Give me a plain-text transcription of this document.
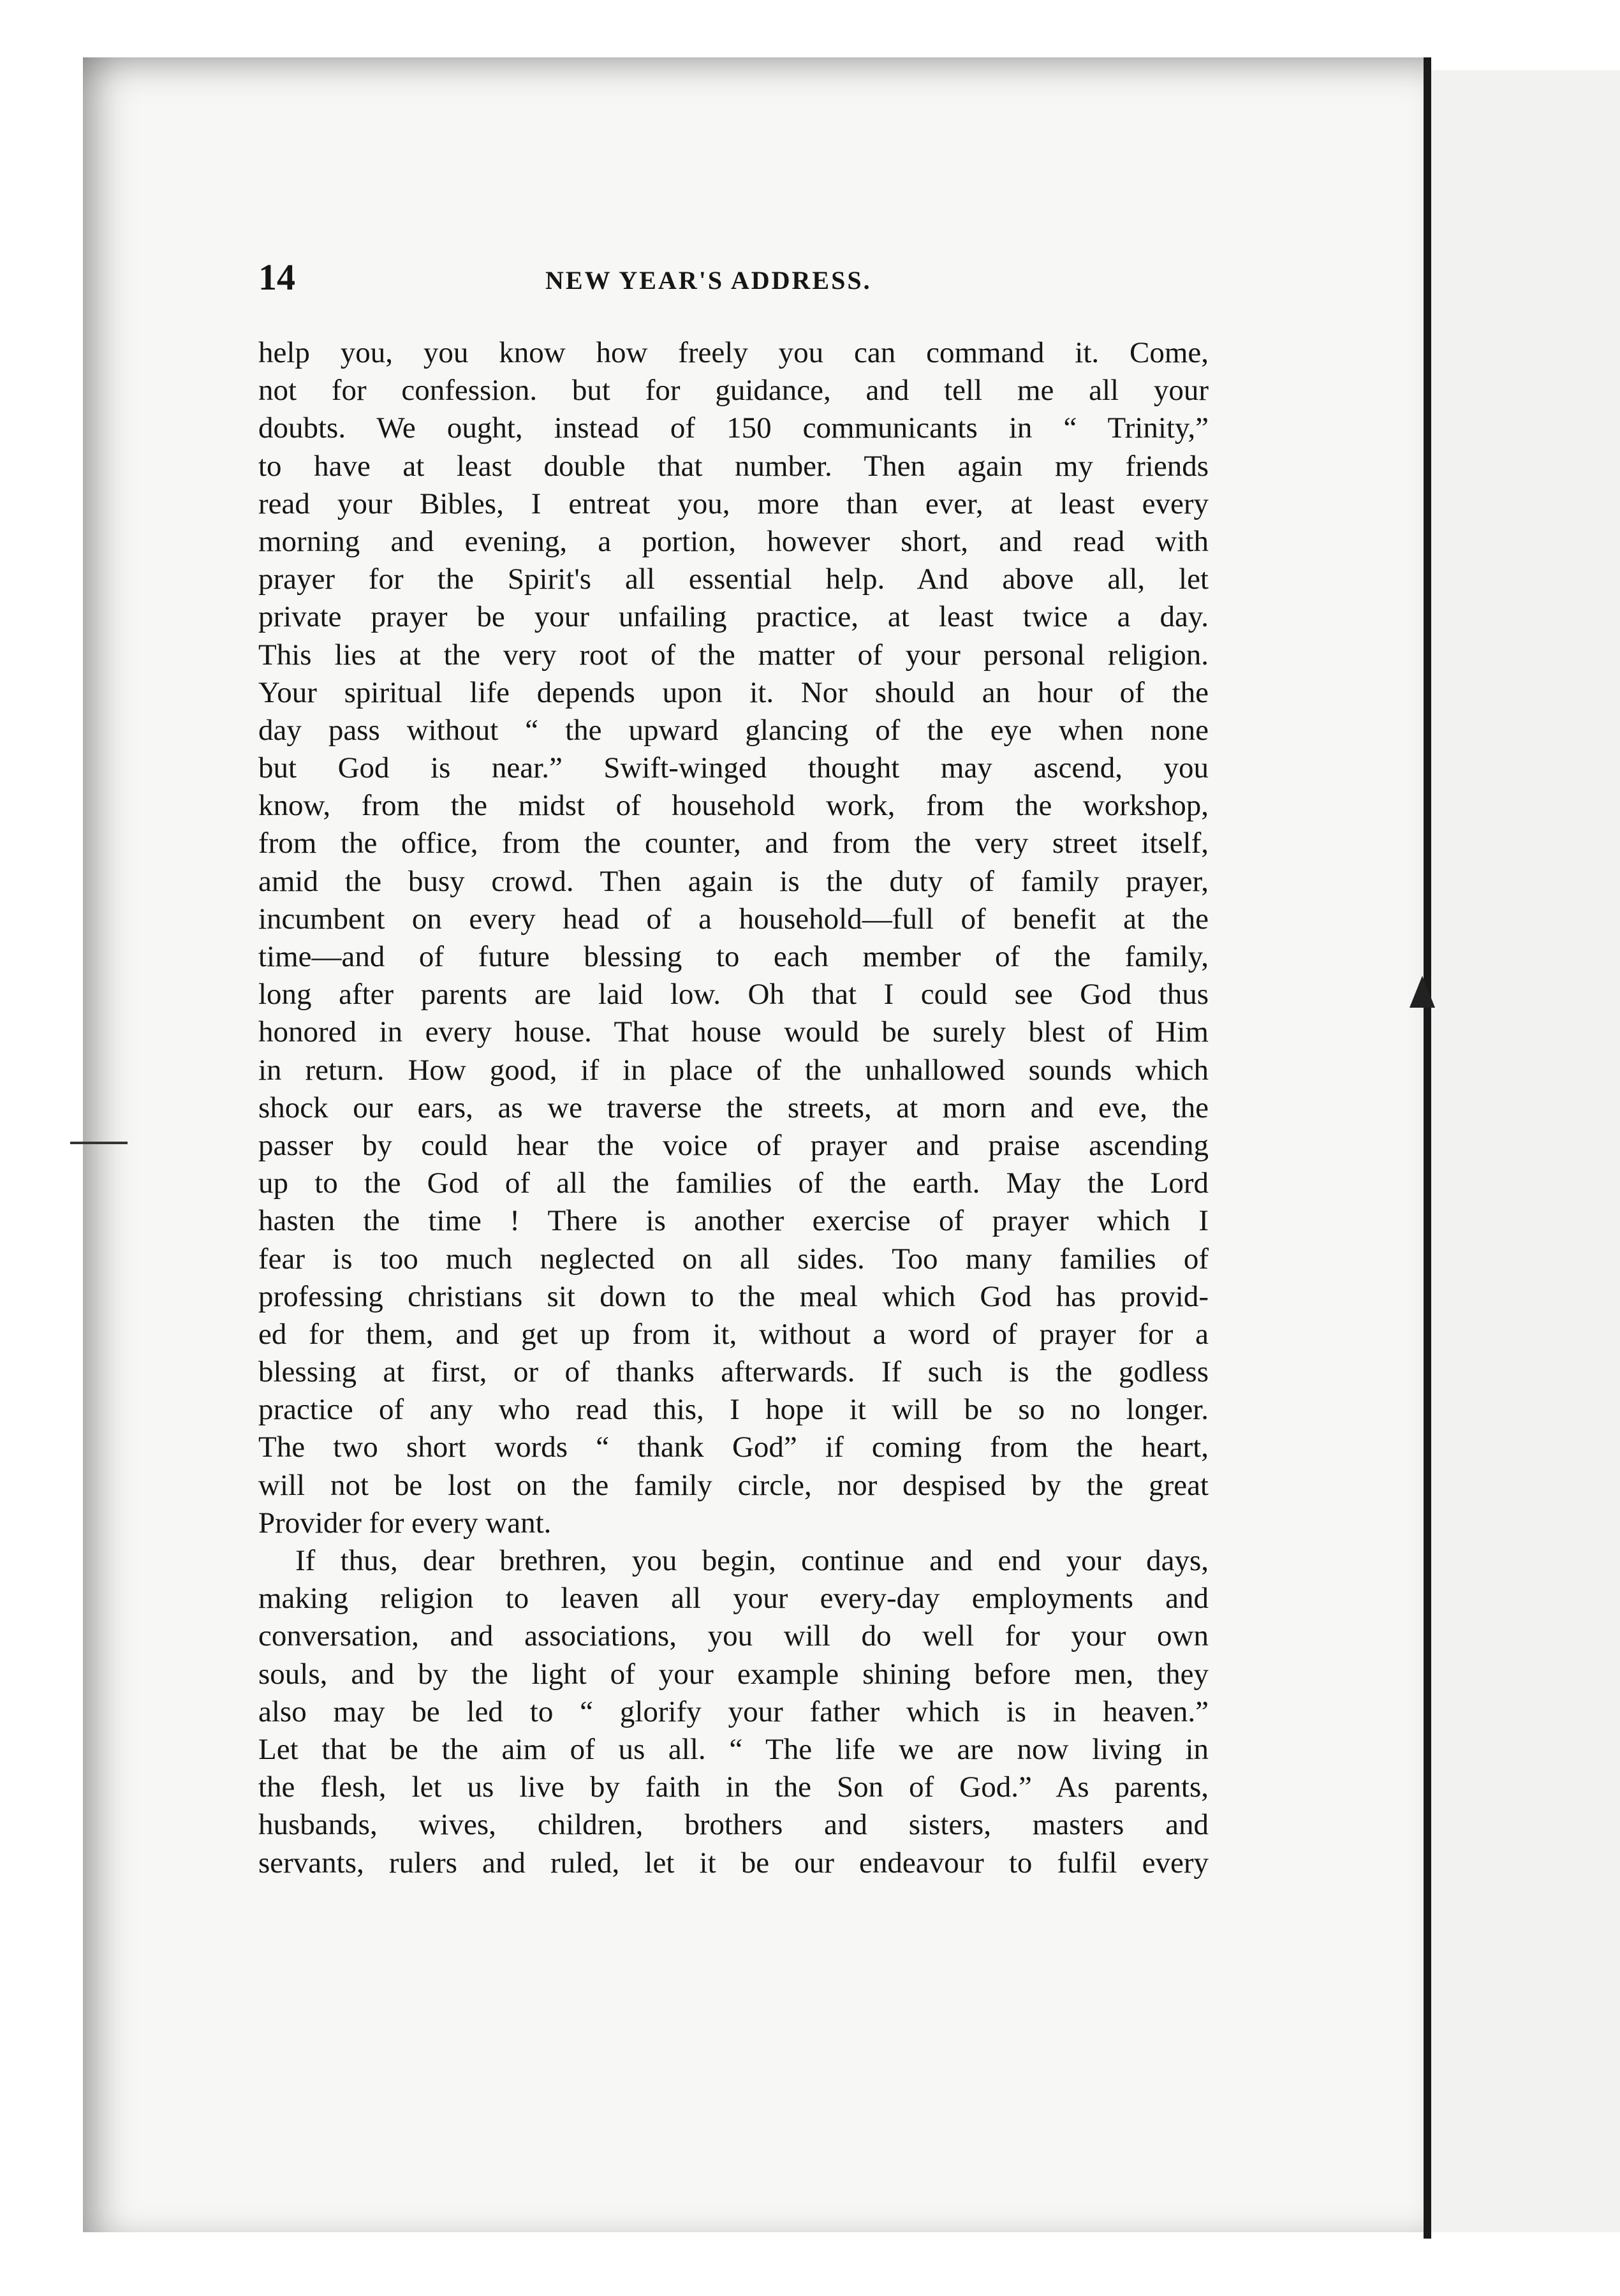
14	NEW YEAR'S ADDRESS.
help you, you know how freely you can command it. Come,
not for confession. but for guidance, and tell me all your
doubts. We ought, instead of 150 communicants in “ Trinity,”
to have at least double that number. Then again my friends
read your Bibles, I entreat you, more than ever, at least every
morning and evening, a portion, however short, and read with
prayer for the Spirit's all essential help. And above all, let
private prayer be your unfailing practice, at least twice a day.
This lies at the very root of the matter of your personal religion.
Your spiritual life depends upon it. Nor should an hour of the
day pass without “ the upward glancing of the eye when none
but God is near.” Swift-winged thought may ascend, you
know, from the midst of household work, from the workshop,
from the office, from the counter, and from the very street itself,
amid the busy crowd. Then again is the duty of family prayer,
incumbent on every head of a household—full of benefit at the
time—and of future blessing to each member of the family,
long after parents are laid low. Oh that I could see God thus
honored in every house. That house would be surely blest of Him
in return. How good, if in place of the unhallowed sounds which
shock our ears, as we traverse the streets, at morn and eve, the
passer by could hear the voice of prayer and praise ascending
up to the God of all the families of the earth. May the Lord
hasten the time ! There is another exercise of prayer which I
fear is too much neglected on all sides. Too many families of
professing christians sit down to the meal which God has provid-
ed for them, and get up from it, without a word of prayer for a
blessing at first, or of thanks afterwards. If such is the godless
practice of any who read this, I hope it will be so no longer.
The two short words “ thank God” if coming from the heart,
will not be lost on the family circle, nor despised by the great
Provider for every want.
If thus, dear brethren, you begin, continue and end your days,
making religion to leaven all your every-day employments and
conversation, and associations, you will do well for your own
souls, and by the light of your example shining before men, they
also may be led to “ glorify your father which is in heaven.”
Let that be the aim of us all. “ The life we are now living in
the flesh, let us live by faith in the Son of God.” As parents,
husbands, wives, children, brothers and sisters, masters and
servants, rulers and ruled, let it be our endeavour to fulfil every
